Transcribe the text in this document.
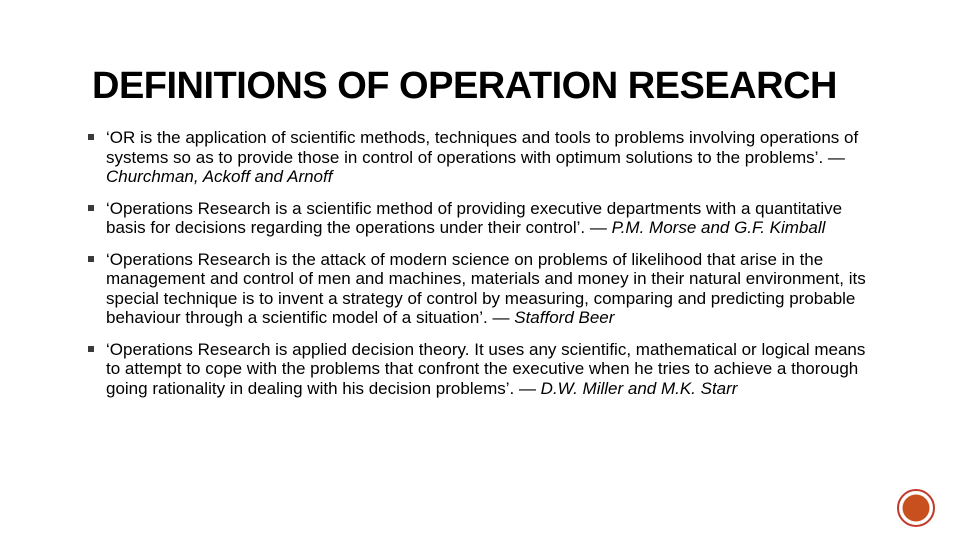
DEFINITIONS OF OPERATION RESEARCH
‘OR is the application of scientific methods, techniques and tools to problems involving operations of systems so as to provide those in control of operations with optimum solutions to the problems’. — Churchman, Ackoff and Arnoff
‘Operations Research is a scientific method of providing executive departments with a quantitative basis for decisions regarding the operations under their control’. — P.M. Morse and G.F. Kimball
‘Operations Research is the attack of modern science on problems of likelihood that arise in the management and control of men and machines, materials and money in their natural environment, its special technique is to invent a strategy of control by measuring, comparing and predicting probable behaviour through a scientific model of a situation’. — Stafford Beer
‘Operations Research is applied decision theory. It uses any scientific, mathematical or logical means to attempt to cope with the problems that confront the executive when he tries to achieve a thorough going rationality in dealing with his decision problems’. — D.W. Miller and M.K. Starr
